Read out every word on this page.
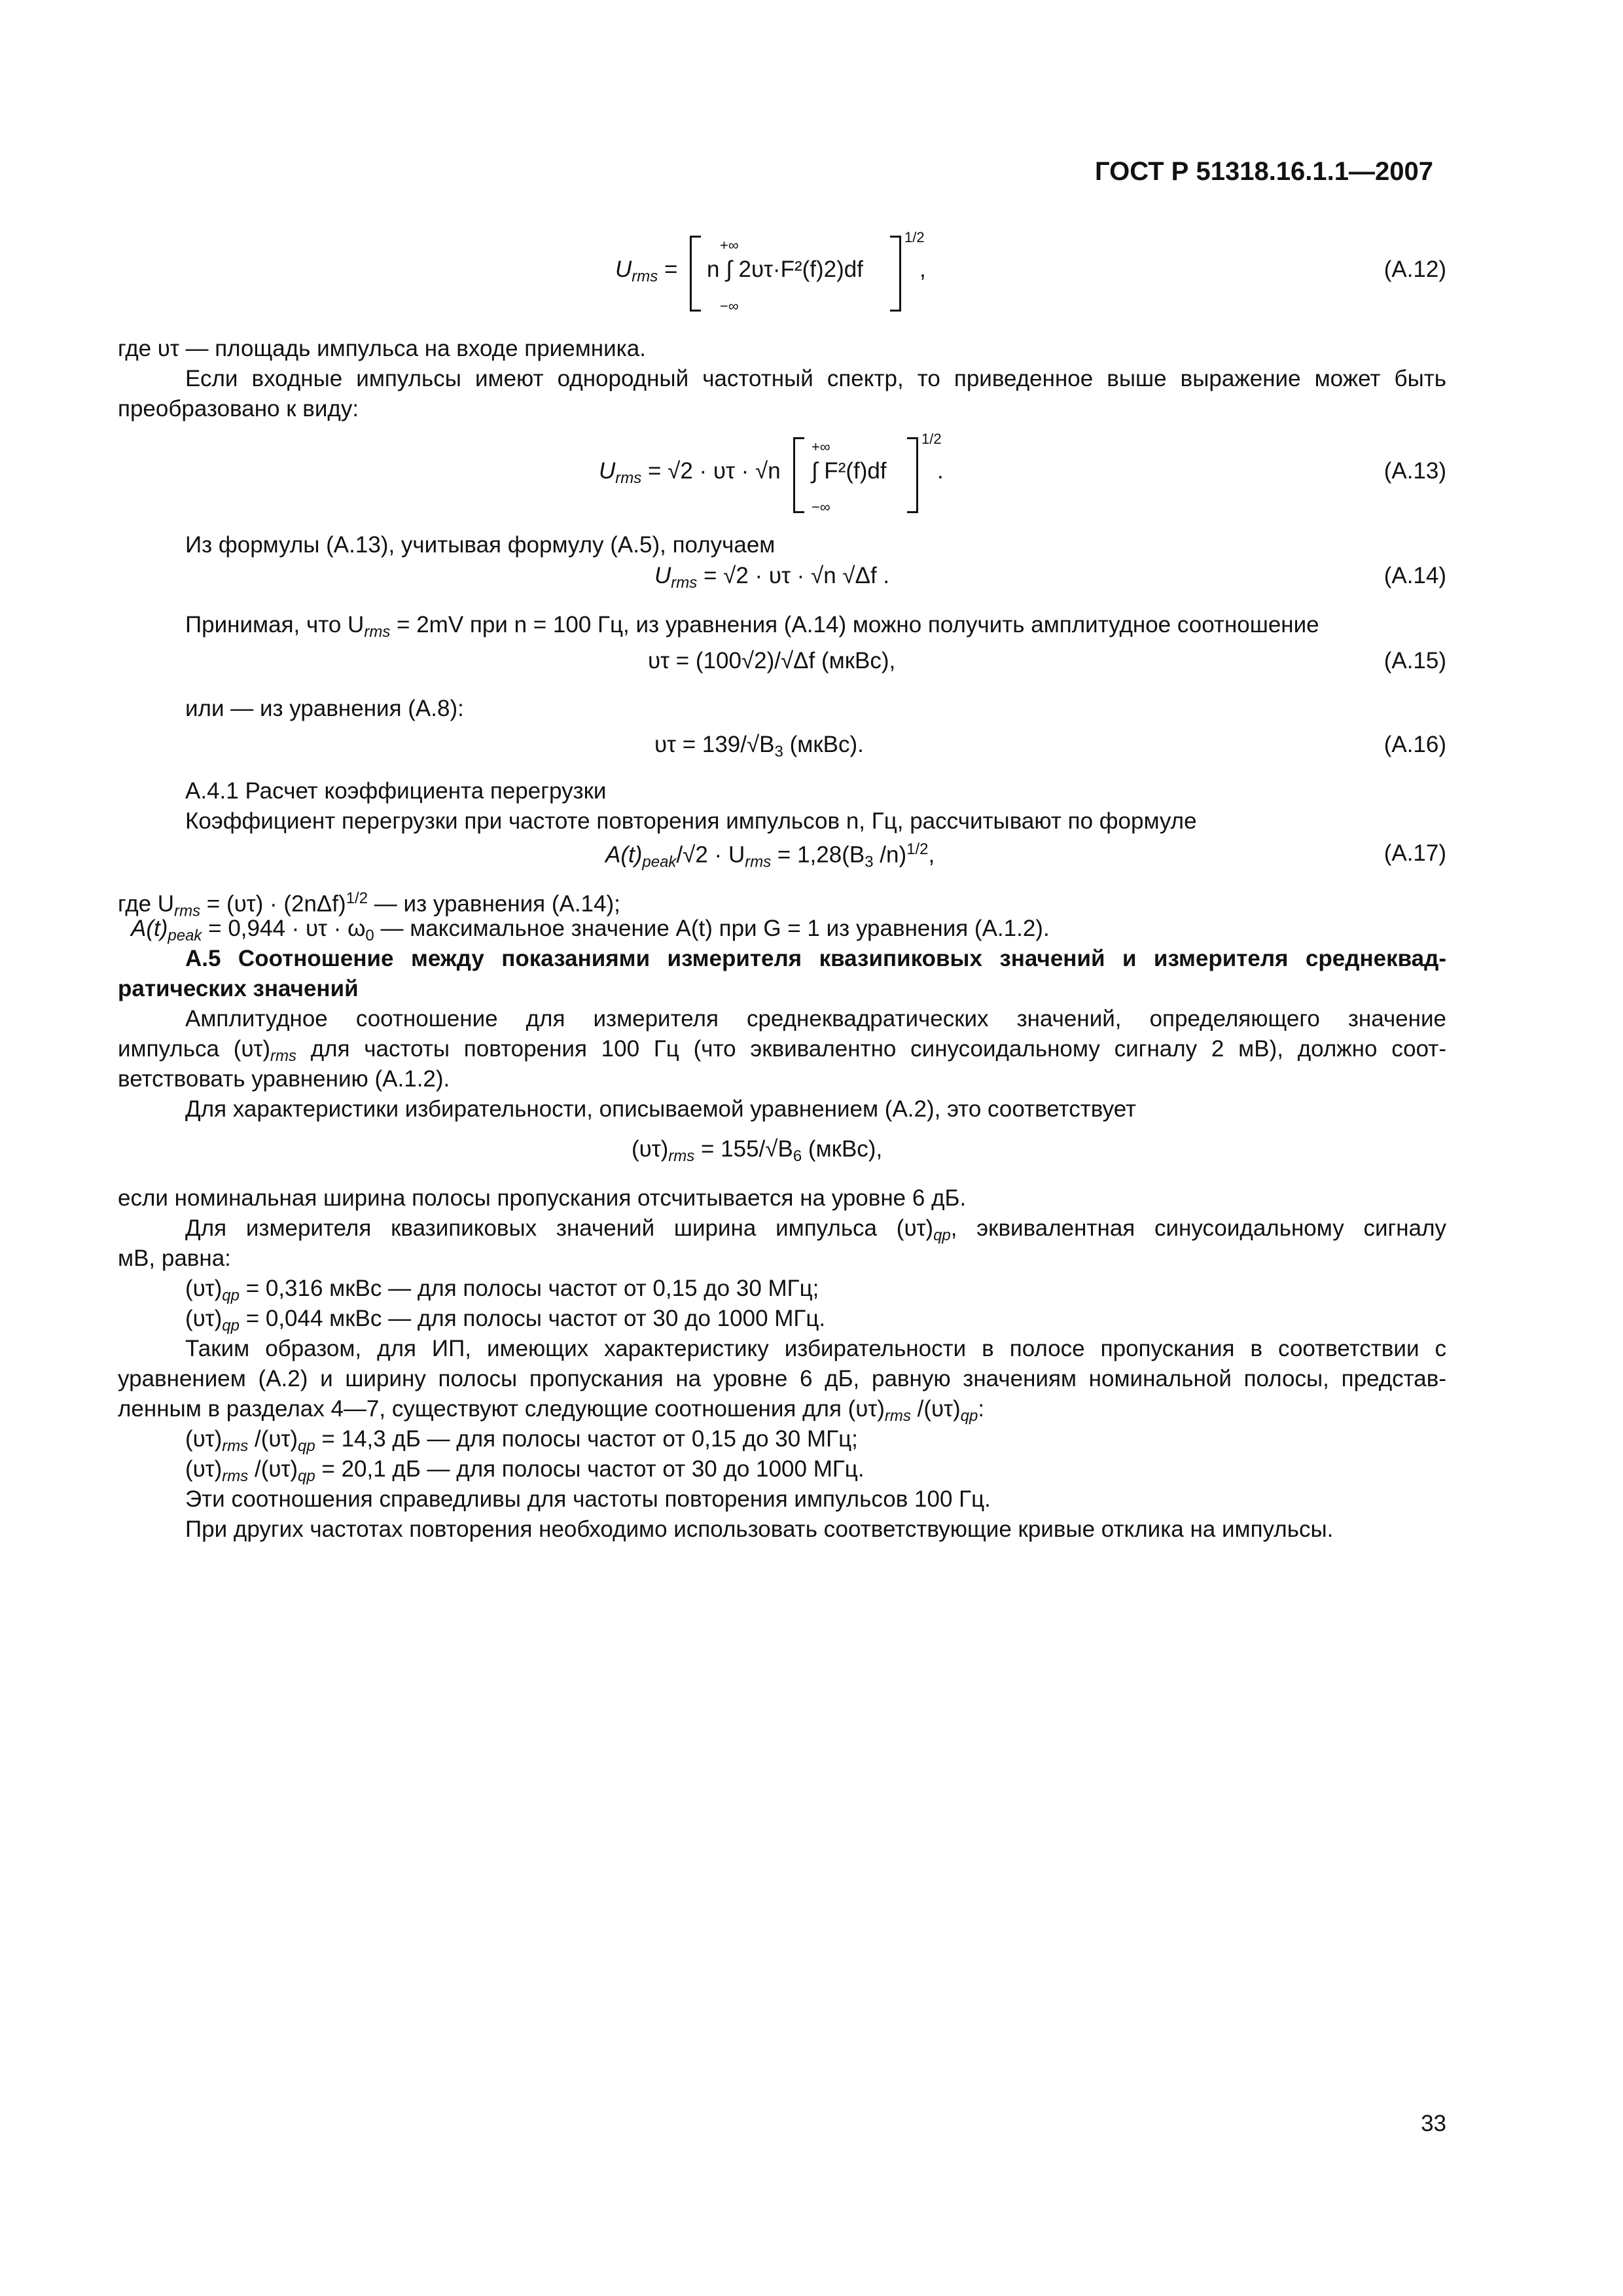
ГОСТ Р 51318.16.1.1—2007
$U_{rms}$ =
+∞
n ∫ 2υτ·F²(f)2)df
−∞
1/2
,	(А.12)
где υτ — площадь импульса на входе приемника.
Если входные импульсы имеют однородный частотный спектр, то приведенное выше выражение может быть
преобразовано к виду:
$U_{rms} = √2 \cdot \upsilon\tau \cdot √n$
+∞
∫ F²(f)df
−∞
1/2
.	(А.13)
Из формулы (А.13), учитывая формулу (А.5), получаем
$U_{rms} = √2 \cdot \upsilon\tau \cdot √n$ √Δf .	(А.14)
Принимая, что $U_{rms} = 2mV$ при n = 100 Гц, из уравнения (А.14) можно получить амплитудное соотношение
υτ = (100√2)/√Δf (мкВс),	(А.15)
или — из уравнения (А.8):
$\upsilon\tau = 139/√B_3$ (мкВс).	(А.16)
А.4.1 Расчет коэффициента перегрузки
Коэффициент перегрузки при частоте повторения импульсов n, Гц, рассчитывают по формуле
$A(t)_{peak}/√2 \cdot U_{rms} = 1,28(B_3$ /n)$^{1/2}$,	(А.17)
где $U_{rms} = (\upsilon\tau) \cdot (2n\Delta f)^{1/2}$ — из уравнения (А.14);
$A(t)_{peak} = 0,944 \cdot \upsilon\tau \cdot \omega_0$ — максимальное значение A(t) при G = 1 из уравнения (А.1.2).
А.5 Соотношение между показаниями измерителя квазипиковых значений и измерителя среднеквад-
ратических значений
Амплитудное соотношение для измерителя среднеквадратических значений, определяющего значение
импульса $(\upsilon\tau)_{rms}$ для частоты повторения 100 Гц (что эквивалентно синусоидальному сигналу 2 мВ), должно соот-
ветствовать уравнению (А.1.2).
Для характеристики избирательности, описываемой уравнением (А.2), это соответствует
$(\upsilon\tau)_{rms} = 155/√B_6$ (мкВс),
если номинальная ширина полосы пропускания отсчитывается на уровне 6 дБ.
Для измерителя квазипиковых значений ширина импульса $(\upsilon\tau)_{qp}$, эквивалентная синусоидальному сигналу
мВ, равна:
$(\upsilon\tau)_{qp} = 0,316$ мкВс — для полосы частот от 0,15 до 30 МГц;
$(\upsilon\tau)_{qp} = 0,044$ мкВс — для полосы частот от 30 до 1000 МГц.
Таким образом, для ИП, имеющих характеристику избирательности в полосе пропускания в соответствии с
уравнением (А.2) и ширину полосы пропускания на уровне 6 дБ, равную значениям номинальной полосы, представ-
ленным в разделах 4—7, существуют следующие соотношения для $(\upsilon\tau)_{rms}$ $/(\upsilon\tau)_{qp}$:
$(\upsilon\tau)_{rms}$ $/(\upsilon\tau)_{qp} = 14,3$ дБ — для полосы частот от 0,15 до 30 МГц;
$(\upsilon\tau)_{rms}$ $/(\upsilon\tau)_{qp} = 20,1$ дБ — для полосы частот от 30 до 1000 МГц.
Эти соотношения справедливы для частоты повторения импульсов 100 Гц.
При других частотах повторения необходимо использовать соответствующие кривые отклика на импульсы.
33
